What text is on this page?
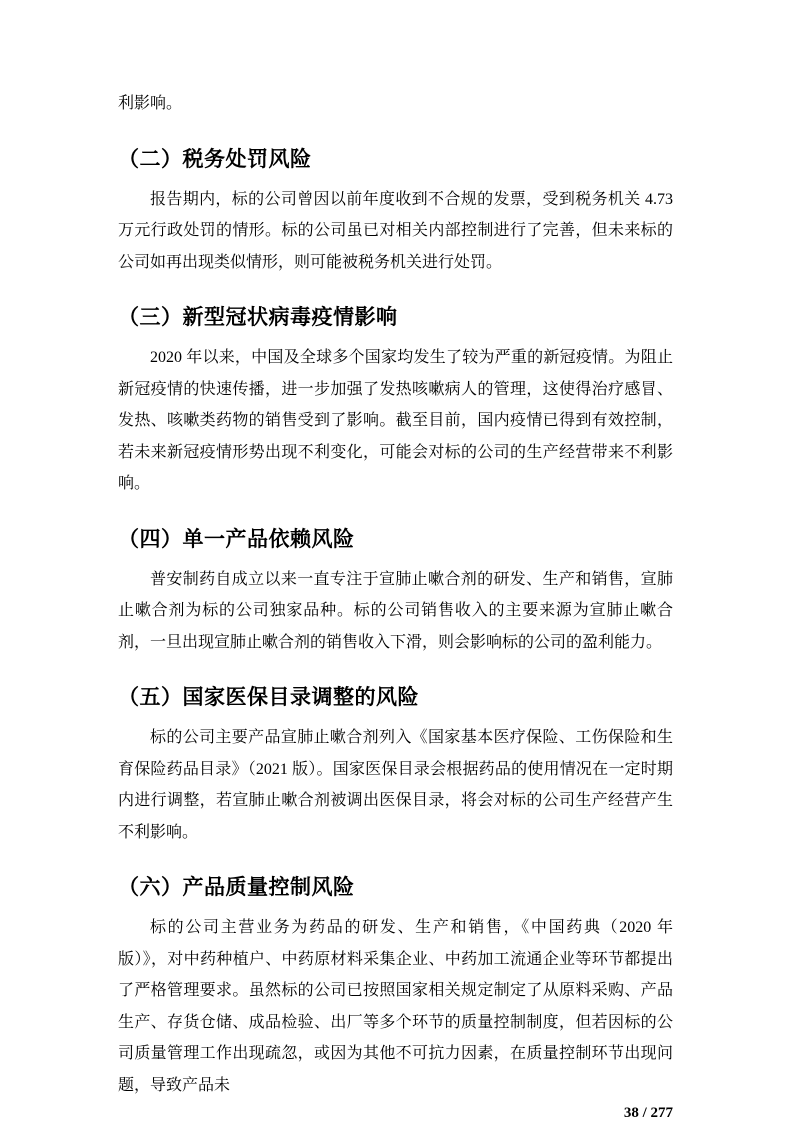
利影响。

（二）税务处罚风险

报告期内，标的公司曾因以前年度收到不合规的发票，受到税务机关 4.73 万元行政处罚的情形。标的公司虽已对相关内部控制进行了完善，但未来标的公司如再出现类似情形，则可能被税务机关进行处罚。

（三）新型冠状病毒疫情影响

2020 年以来，中国及全球多个国家均发生了较为严重的新冠疫情。为阻止新冠疫情的快速传播，进一步加强了发热咳嗽病人的管理，这使得治疗感冒、发热、咳嗽类药物的销售受到了影响。截至目前，国内疫情已得到有效控制，若未来新冠疫情形势出现不利变化，可能会对标的公司的生产经营带来不利影响。

（四）单一产品依赖风险

普安制药自成立以来一直专注于宣肺止嗽合剂的研发、生产和销售，宣肺止嗽合剂为标的公司独家品种。标的公司销售收入的主要来源为宣肺止嗽合剂，一旦出现宣肺止嗽合剂的销售收入下滑，则会影响标的公司的盈利能力。

（五）国家医保目录调整的风险

标的公司主要产品宣肺止嗽合剂列入《国家基本医疗保险、工伤保险和生育保险药品目录》（2021 版）。国家医保目录会根据药品的使用情况在一定时期内进行调整，若宣肺止嗽合剂被调出医保目录，将会对标的公司生产经营产生不利影响。

（六）产品质量控制风险

标的公司主营业务为药品的研发、生产和销售，《中国药典（2020 年版）》，对中药种植户、中药原材料采集企业、中药加工流通企业等环节都提出了严格管理要求。虽然标的公司已按照国家相关规定制定了从原料采购、产品生产、存货仓储、成品检验、出厂等多个环节的质量控制制度，但若因标的公司质量管理工作出现疏忽，或因为其他不可抗力因素，在质量控制环节出现问题，导致产品未

38 / 277
